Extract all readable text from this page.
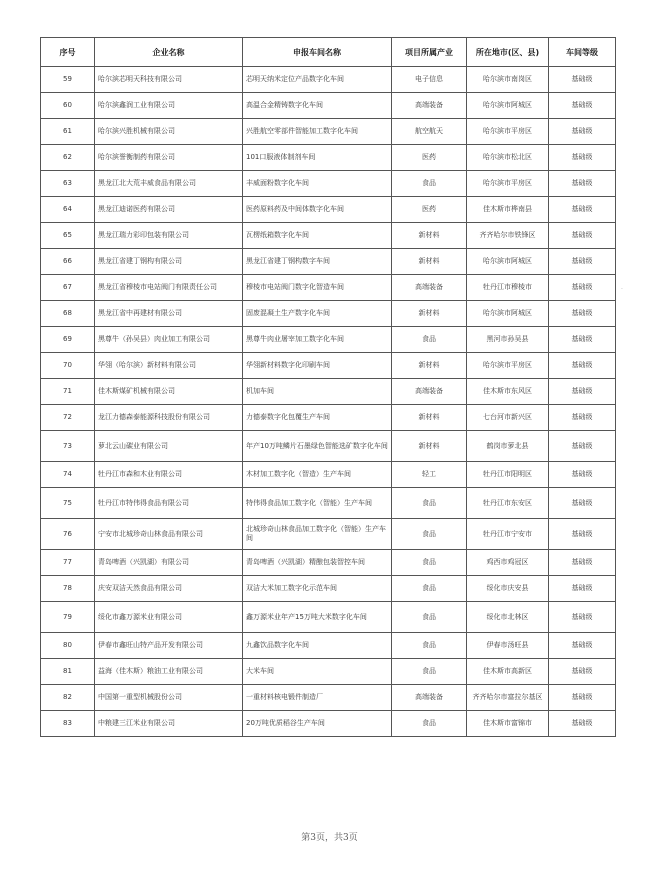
序号	企业名称	申报车间名称	项目所属产业	所在地市(区、县)	车间等级
59	哈尔滨芯明天科技有限公司	芯明天纳米定位产品数字化车间	电子信息	哈尔滨市南岗区	基础级
60	哈尔滨鑫润工业有限公司	高温合金精铸数字化车间	高端装备	哈尔滨市阿城区	基础级
61	哈尔滨兴胜机械有限公司	兴胜航空零部件智能加工数字化车间	航空航天	哈尔滨市平房区	基础级
62	哈尔滨誉衡制药有限公司	101口服液体制剂车间	医药	哈尔滨市松北区	基础级
63	黑龙江北大荒丰威食品有限公司	丰威面粉数字化车间	食品	哈尔滨市平房区	基础级
64	黑龙江迪诺医药有限公司	医药原料药及中间体数字化车间	医药	佳木斯市桦南县	基础级
65	黑龙江瑞力彩印包装有限公司	瓦楞纸箱数字化车间	新材料	齐齐哈尔市铁锋区	基础级
66	黑龙江省建丁钢构有限公司	黑龙江省建丁钢构数字车间	新材料	哈尔滨市阿城区	基础级
67	黑龙江省穆棱市电站阀门有限责任公司	穆棱市电站阀门数字化智造车间	高端装备	牡丹江市穆棱市	基础级
68	黑龙江省中再建材有限公司	固废混凝土生产数字化车间	新材料	哈尔滨市阿城区	基础级
69	黑尊牛（孙吴县）肉业加工有限公司	黑尊牛肉业屠宰加工数字化车间	食品	黑河市孙吴县	基础级
70	华翎（哈尔滨）新材料有限公司	华翎新材料数字化印刷车间	新材料	哈尔滨市平房区	基础级
71	佳木斯煤矿机械有限公司	机加车间	高端装备	佳木斯市东风区	基础级
72	龙江力德森泰能源科技股份有限公司	力德泰数字化包覆生产车间	新材料	七台河市新兴区	基础级
73	萝北云山碳业有限公司	年产10万吨鳞片石墨绿色智能选矿数字化车间	新材料	鹤岗市萝北县	基础级
74	牡丹江市森和木业有限公司	木材加工数字化（智造）生产车间	轻工	牡丹江市阳明区	基础级
75	牡丹江市特伟得食品有限公司	特伟得食品加工数字化（智能）生产车间	食品	牡丹江市东安区	基础级
76	宁安市北城珍奇山林食品有限公司	北城珍奇山林食品加工数字化（智能）生产车间	食品	牡丹江市宁安市	基础级
77	青岛啤酒（兴凯湖）有限公司	青岛啤酒（兴凯湖）精酿包装智控车间	食品	鸡西市鸡冠区	基础级
78	庆安双洁天然食品有限公司	双洁大米加工数字化示范车间	食品	绥化市庆安县	基础级
79	绥化市鑫万源米业有限公司	鑫万源米业年产15万吨大米数字化车间	食品	绥化市北林区	基础级
80	伊春市鑫旺山特产品开发有限公司	九鑫饮品数字化车间	食品	伊春市汤旺县	基础级
81	益海（佳木斯）粮油工业有限公司	大米车间	食品	佳木斯市高新区	基础级
82	中国第一重型机械股份公司	一重材料核电锻件制造厂	高端装备	齐齐哈尔市富拉尔基区	基础级
83	中粮建三江米业有限公司	20万吨优质稻谷生产车间	食品	佳木斯市富锦市	基础级
第3页，共3页
·
